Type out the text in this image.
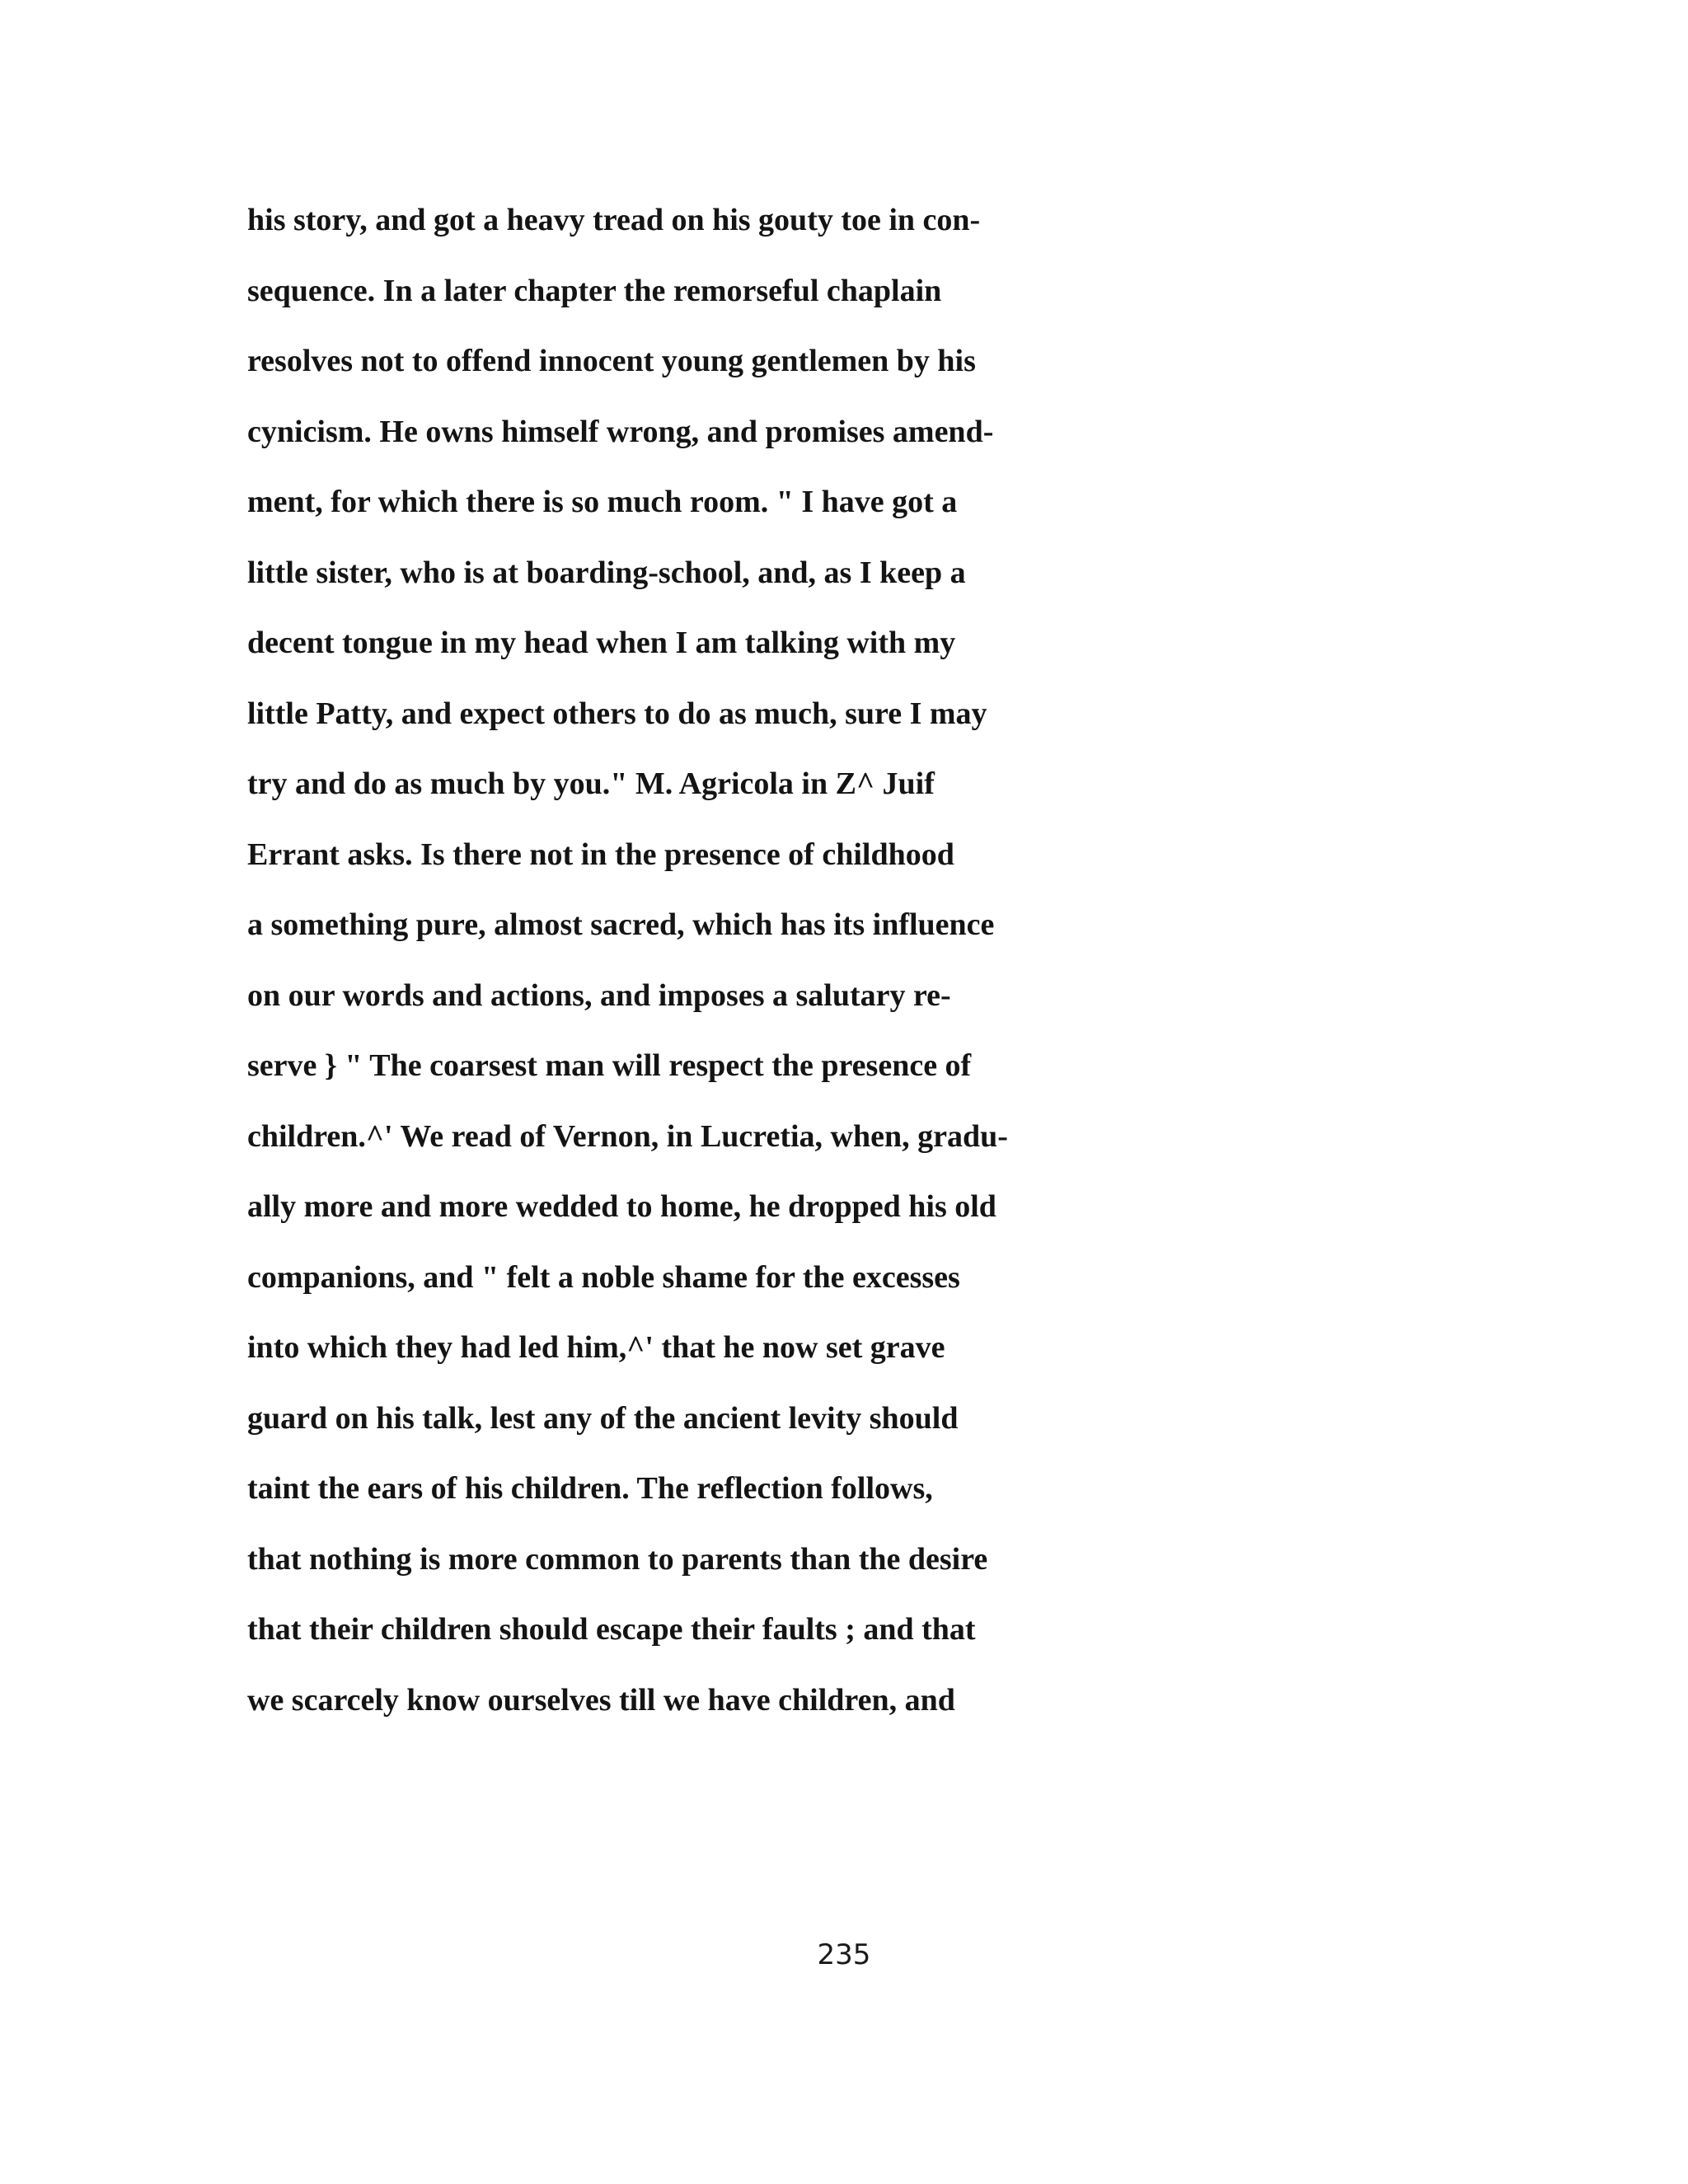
his story, and got a heavy tread on his gouty toe in con-
sequence. In a later chapter the remorseful chaplain
resolves not to offend innocent young gentlemen by his
cynicism. He owns himself wrong, and promises amend-
ment, for which there is so much room. " I have got a
little sister, who is at boarding-school, and, as I keep a
decent tongue in my head when I am talking with my
little Patty, and expect others to do as much, sure I may
try and do as much by you." M. Agricola in Z^ Juif
Errant asks. Is there not in the presence of childhood
a something pure, almost sacred, which has its influence
on our words and actions, and imposes a salutary re-
serve } " The coarsest man will respect the presence of
children.^' We read of Vernon, in Lucretia, when, gradu-
ally more and more wedded to home, he dropped his old
companions, and " felt a noble shame for the excesses
into which they had led him,^' that he now set grave
guard on his talk, lest any of the ancient levity should
taint the ears of his children. The reflection follows,
that nothing is more common to parents than the desire
that their children should escape their faults ; and that
we scarcely know ourselves till we have children, and
235
